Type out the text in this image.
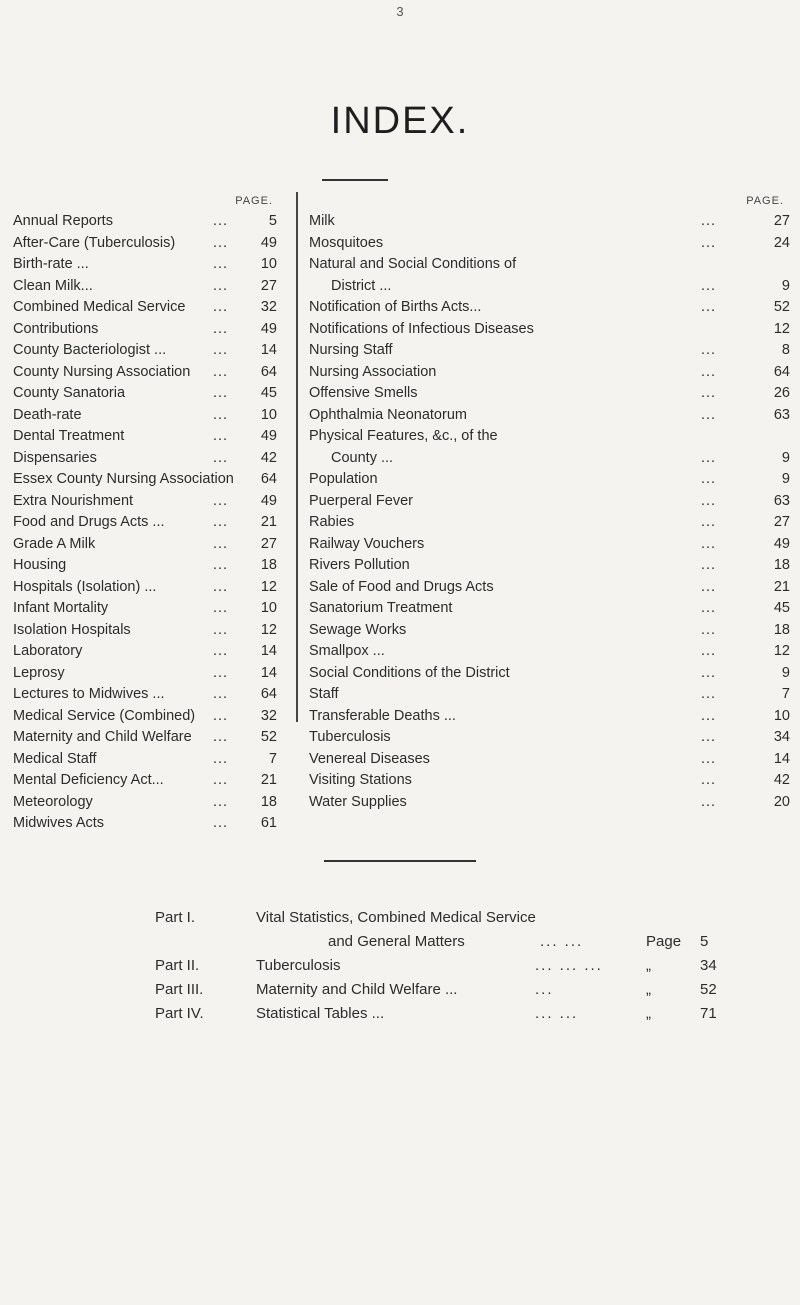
3
INDEX.
PAGE.
Annual Reports	...	5
After-Care (Tuberculosis)	...	49
Birth-rate ...	...	10
Clean Milk...	...	27
Combined Medical Service ...	32
Contributions	...	49
County Bacteriologist ...	...	14
County Nursing Association ...	64
County Sanatoria	...	45
Death-rate	...	10
Dental Treatment	...	49
Dispensaries	...	42
Essex County Nursing Association	64
Extra Nourishment	...	49
Food and Drugs Acts ...	...	21
Grade A Milk	...	27
Housing	...	18
Hospitals (Isolation) ...	...	12
Infant Mortality	...	10
Isolation Hospitals	...	12
Laboratory	...	14
Leprosy	...	14
Lectures to Midwives ...	...	64
Medical Service (Combined) ...	32
Maternity and Child Welfare ...	52
Medical Staff	...	7
Mental Deficiency Act...	...	21
Meteorology	...	18
Midwives Acts	...	61
PAGE.
Milk	...	27
Mosquitoes	...	24
Natural and Social Conditions of
District ...	...	9
Notification of Births Acts...	...	52
Notifications of Infectious Diseases	12
Nursing Staff	...	8
Nursing Association	...	64
Offensive Smells	...	26
Ophthalmia Neonatorum	...	63
Physical Features, &c., of the
County ...	...	9
Population	...	9
Puerperal Fever	...	63
Rabies	...	27
Railway Vouchers	...	49
Rivers Pollution	...	18
Sale of Food and Drugs Acts	...	21
Sanatorium Treatment	...	45
Sewage Works	...	18
Smallpox ...	...	12
Social Conditions of the District	...	9
Staff	...	7
Transferable Deaths ...	...	10
Tuberculosis	...	34
Venereal Diseases	...	14
Visiting Stations	...	42
Water Supplies	...	20
Part I.	Vital Statistics, Combined Medical Service
and General Matters	... ...	Page 5
Part II.	Tuberculosis	... ... ...	„	34
Part III.	Maternity and Child Welfare ...	...	„	52
Part IV.	Statistical Tables ...	... ...	„	71
